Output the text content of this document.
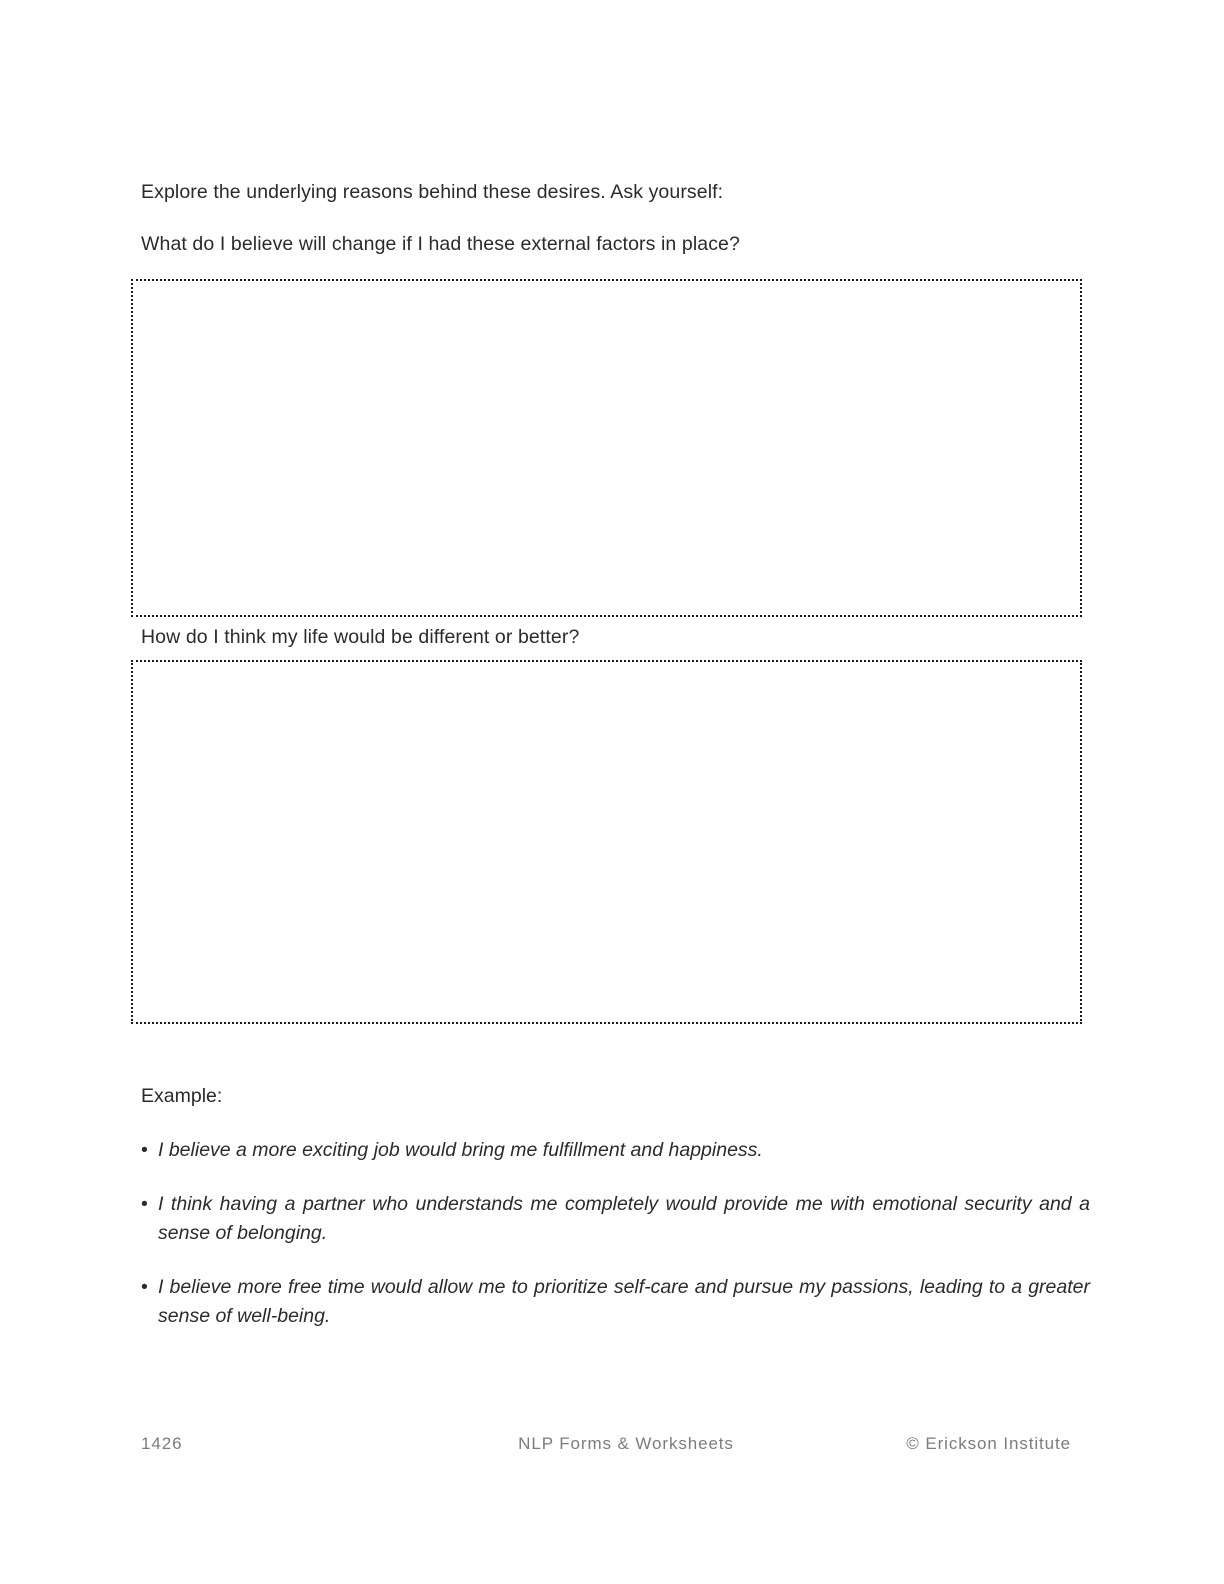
Explore the underlying reasons behind these desires. Ask yourself:

What do I believe will change if I had these external factors in place?

How do I think my life would be different or better?

Example:

• I believe a more exciting job would bring me fulfillment and happiness.
• I think having a partner who understands me completely would provide me with emotional security and a sense of belonging.
• I believe more free time would allow me to prioritize self-care and pursue my passions, leading to a greater sense of well-being.
1426	NLP Forms & Worksheets	© Erickson Institute
